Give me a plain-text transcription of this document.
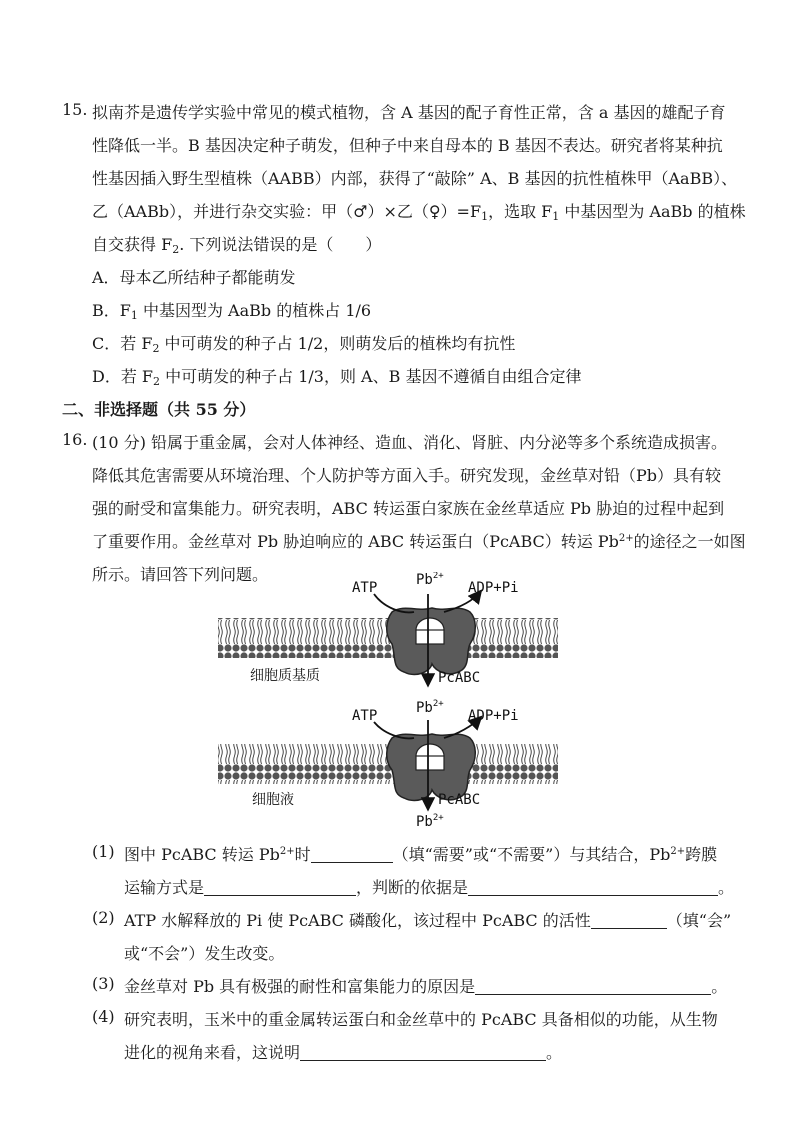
15. 拟南芥是遗传学实验中常见的模式植物，含 A 基因的配子育性正常，含 a 基因的雄配子育
性降低一半。B 基因决定种子萌发，但种子中来自母本的 B 基因不表达。研究者将某种抗
性基因插入野生型植株（AABB）内部，获得了“敲除” A、B 基因的抗性植株甲（AaBB）、
乙（AABb），并进行杂交实验：甲（♂）×乙$(♀)=F_1$，选取 $F_1$ 中基因型为 AaBb 的植株
自交获得 $F_2$. 下列说法错误的是（　　）
A．母本乙所结种子都能萌发
B．$F_1$ 中基因型为 AaBb 的植株占 1/6
C．若 $F_2$ 中可萌发的种子占 1/2，则萌发后的植株均有抗性
D．若 $F_2$ 中可萌发的种子占 1/3，则 A、B 基因不遵循自由组合定律
二、非选择题（共 55 分）
16. (10 分) 铅属于重金属，会对人体神经、造血、消化、肾脏、内分泌等多个系统造成损害。
降低其危害需要从环境治理、个人防护等方面入手。研究发现，金丝草对铅（Pb）具有较
强的耐受和富集能力。研究表明，ABC 转运蛋白家族在金丝草适应 Pb 胁迫的过程中起到
了重要作用。金丝草对 Pb 胁迫响应的 ABC 转运蛋白（PcABC）转运 $Pb^{2+}$的途径之一如图
所示。请回答下列问题。
ATP	$Pb^{2+}$
ADP+Pi
PcABC
细胞质基质
ATP	$Pb^{2+}$
ADP+Pi
PcABC
细胞液
$Pb^{2+}$
(1) 图中 PcABC 转运 $Pb^{2+}$时	（填“需要”或“不需要”）与其结合，$Pb^{2+}$跨膜
运输方式是	，判断的依据是	。
(2) ATP 水解释放的 Pi 使 PcABC 磷酸化，该过程中 PcABC 的活性	（填“会”
或“不会”）发生改变。
(3) 金丝草对 Pb 具有极强的耐性和富集能力的原因是	。
(4) 研究表明，玉米中的重金属转运蛋白和金丝草中的 PcABC 具备相似的功能，从生物
进化的视角来看，这说明	。
